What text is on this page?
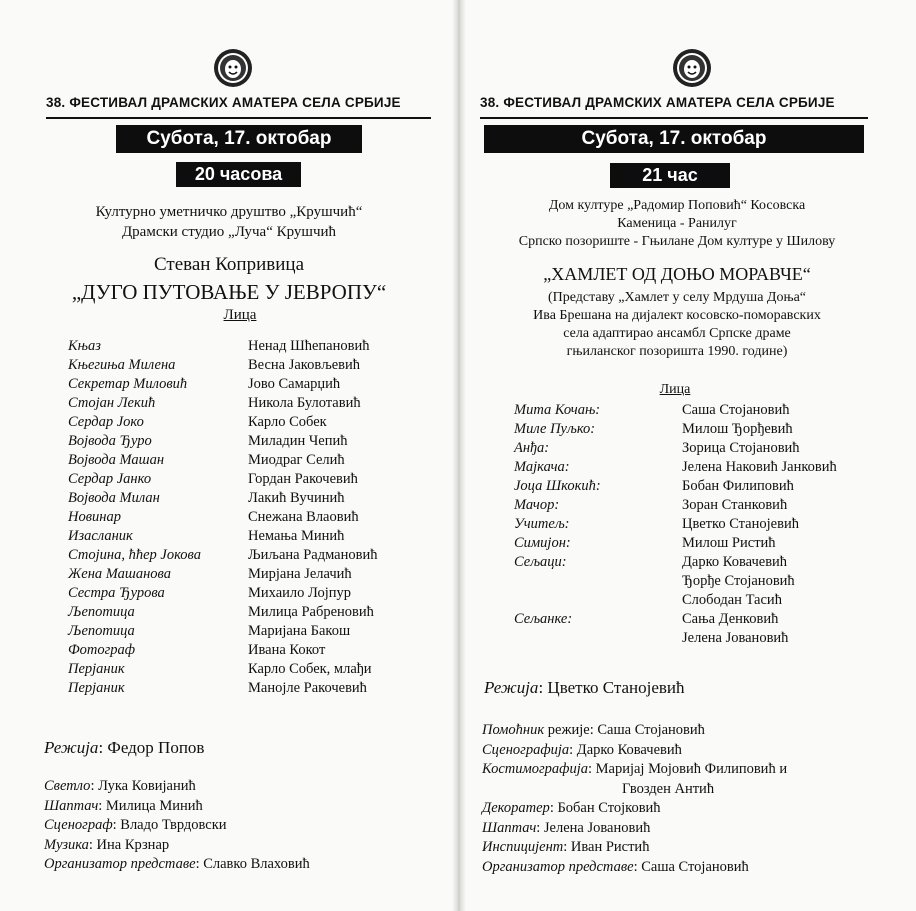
38. ФЕСТИВАЛ ДРАМСКИХ АМАТЕРА СЕЛА СРБИЈЕ
Субота, 17. октобар
20 часова
Културно уметничко друштво „Крушчић“
Драмски студио „Луча“ Крушчић
Стеван Копривица
„ДУГО ПУТОВАЊЕ У ЈЕВРОПУ“
Лица
Књаз	Ненад Шћепановић
Књегиња Милена	Весна Јаковљевић
Секретар Миловић	Јово Самарџић
Стојан Лекић	Никола Булотавић
Сердар Јоко	Карло Собек
Војвода Ђуро	Миладин Чепић
Војвода Машан	Миодраг Селић
Сердар Јанко	Гордан Ракочевић
Војвода Милан	Лакић Вучинић
Новинар	Снежана Влаовић
Изасланик	Немања Минић
Стојина, ћћер Јокова	Љиљана Радмановић
Жена Машанова	Мирјана Јелачић
Сестра Ђурова	Михаило Лојпур
Љепотица	Милица Рабреновић
Љепотица	Маријана Бакош
Фотограф	Ивана Кокот
Перјаник	Карло Собек, млађи
Перјаник	Манојле Ракочевић
Режија: Федор Попов
Светло: Лука Ковијанић
Шаптач: Милица Минић
Сценограф: Владо Тврдовски
Музика: Ина Крзнар
Организатор представе: Славко Влаховић
38. ФЕСТИВАЛ ДРАМСКИХ АМАТЕРА СЕЛА СРБИЈЕ
Субота, 17. октобар
21 час
Дом културе „Радомир Поповић“ Косовска
Каменица - Ранилуг
Српско позориште - Гњилане Дом културе у Шилову
„ХАМЛЕТ ОД ДОЊО МОРАВЧЕ“
(Представу „Хамлет у селу Мрдуша Доња“
Ива Брешана на дијалект косовско-поморавских
села адаптирао ансамбл Српске драме
гњиланског позоришта 1990. године)
Лица
Мита Кочањ:	Саша Стојановић
Миле Пуљко:	Милош Ђорђевић
Анђа:	Зорица Стојановић
Мајкача:	Јелена Наковић Јанковић
Јоца Шкокић:	Бобан Филиповић
Мачор:	Зоран Станковић
Учитељ:	Цветко Станојевић
Симијон:	Милош Ристић
Сељаци:	Дарко Ковачевић
Ђорђе Стојановић
Слободан Тасић
Сељанке:	Сања Денковић
Јелена Јовановић
Режија: Цветко Станојевић
Помоћник режије: Саша Стојановић
Сценографија: Дарко Ковачевић
Костимографија: Маријај Мојовић Филиповић и
Гвозден Антић
Декоратер: Бобан Стојковић
Шаптач: Јелена Јовановић
Инспицијент: Иван Ристић
Организатор представе: Саша Стојановић
